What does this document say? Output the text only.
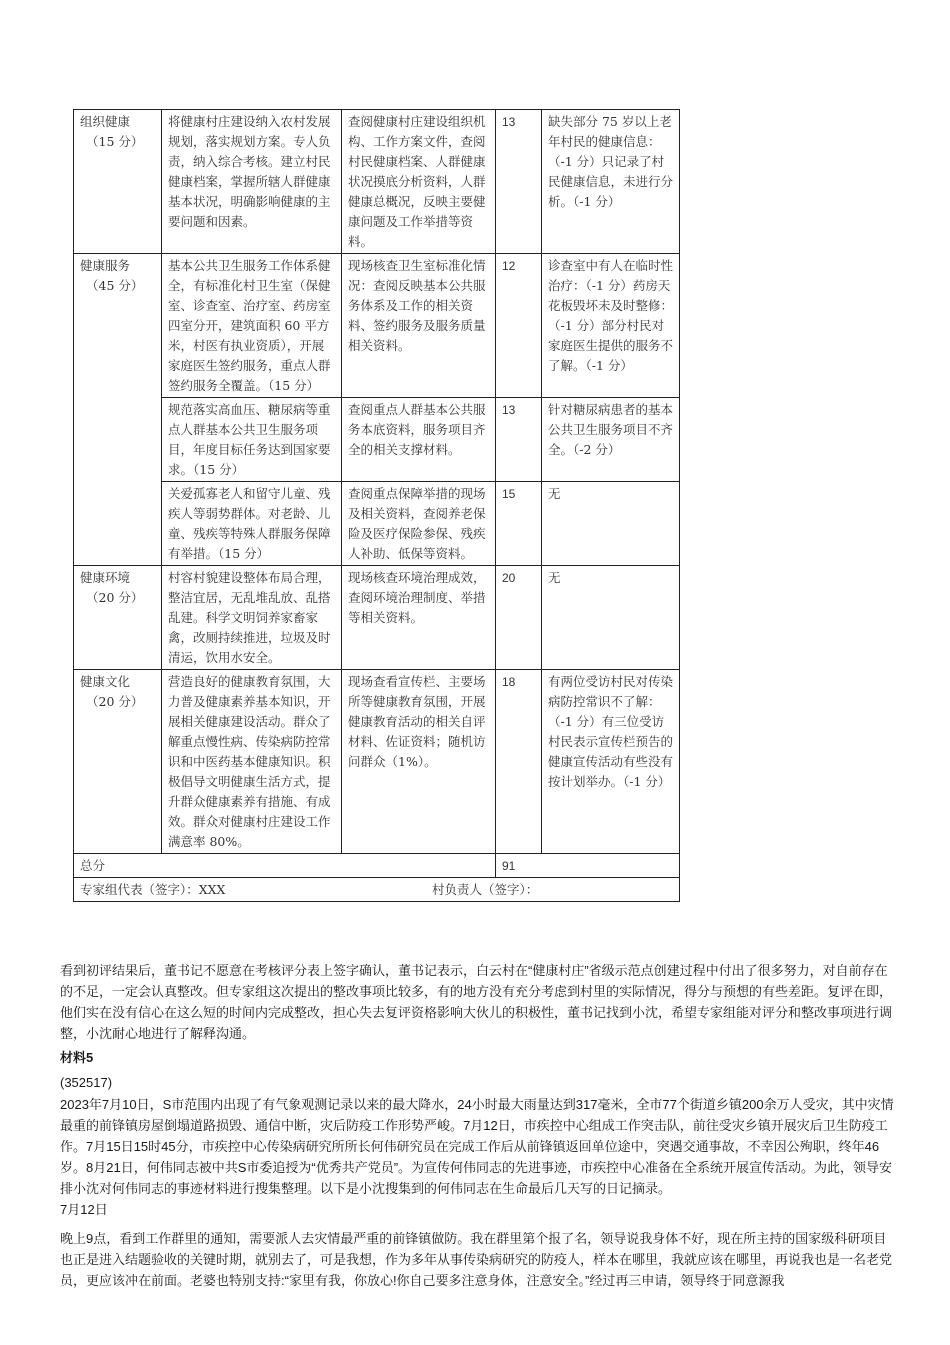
组织健康
（15 分）	将健康村庄建设纳入农村发展规划，落实规划方案。专人负责，纳入综合考核。建立村民健康档案，掌握所辖人群健康基本状况，明确影响健康的主要问题和因素。	查阅健康村庄建设组织机构、工作方案文件，查阅村民健康档案、人群健康状况摸底分析资料，人群健康总概况，反映主要健康问题及工作举措等资料。	13	缺失部分 75 岁以上老年村民的健康信息：（-1 分）只记录了村民健康信息，未进行分析。（-1 分）

健康服务
（45 分）	基本公共卫生服务工作体系健全，有标准化村卫生室（保健室、诊查室、治疗室、药房室四室分开，建筑面积 60 平方米，村医有执业资质），开展家庭医生签约服务，重点人群签约服务全覆盖。（15 分）	现场核查卫生室标准化情况：查阅反映基本公共服务体系及工作的相关资料、签约服务及服务质量相关资料。	12	诊查室中有人在临时性治疗：（-1 分）药房天花板毁坏未及时整修：（-1 分）部分村民对家庭医生提供的服务不了解。（-1 分）
	规范落实高血压、糖尿病等重点人群基本公共卫生服务项目，年度目标任务达到国家要求。（15 分）	查阅重点人群基本公共服务本底资料，服务项目齐全的相关支撑材料。	13	针对糖尿病患者的基本公共卫生服务项目不齐全。（-2 分）
	关爱孤寡老人和留守儿童、残疾人等弱势群体。对老龄、儿童、残疾等特殊人群服务保障有举措。（15 分）	查阅重点保障举措的现场及相关资料，查阅养老保险及医疗保险参保、残疾人补助、低保等资料。	15	无

健康环境
（20 分）	村容村貌建设整体布局合理，整洁宜居，无乱堆乱放、乱搭乱建。科学文明饲养家畜家禽，改厕持续推进，垃圾及时清运，饮用水安全。	现场核查环境治理成效，查阅环境治理制度、举措等相关资料。	20	无

健康文化
（20 分）	营造良好的健康教育氛围，大力普及健康素养基本知识，开展相关健康建设活动。群众了解重点慢性病、传染病防控常识和中医药基本健康知识。积极倡导文明健康生活方式，提升群众健康素养有措施、有成效。群众对健康村庄建设工作满意率 80%。	现场查看宣传栏、主要场所等健康教育氛围，开展健康教育活动的相关自评材料、佐证资料；随机访问群众（1%）。	18	有两位受访村民对传染病防控常识不了解：（-1 分）有三位受访村民表示宣传栏预告的健康宣传活动有些没有按计划举办。（-1 分）
总分			91	

专家组代表（签字）：XXX 村负责人（签字）：				

看到初评结果后，董书记不愿意在考核评分表上签字确认，董书记表示，白云村在“健康村庄”省级示范点创建过程中付出了很多努力，对自前存在的不足，一定会认真整改。但专家组这次提出的整改事项比较多，有的地方没有充分考虑到村里的实际情况，得分与预想的有些差距。复评在即，他们实在没有信心在这么短的时间内完成整改，担心失去复评资格影响大伙儿的积极性，董书记找到小沈，希望专家组能对评分和整改事项进行调整，小沈耐心地进行了解释沟通。

材料5

(352517)

2023年7月10日，S市范围内出现了有气象观测记录以来的最大降水，24小时最大雨量达到317毫米，全市77个街道乡镇200余万人受灾，其中灾情最重的前锋镇房屋倒塌道路损毁、通信中断，灾后防疫工作形势严峻。7月12日，市疾控中心组成工作突击队，前往受灾乡镇开展灾后卫生防疫工作。7月15日15时45分，市疾控中心传染病研究所所长何伟研究员在完成工作后从前锋镇返回单位途中，突遇交通事故，不幸因公殉职，终年46岁。8月21日，何伟同志被中共S市委追授为“优秀共产党员”。为宣传何伟同志的先进事迹，市疾控中心准备在全系统开展宣传活动。为此，领导安排小沈对何伟同志的事迹材料进行搜集整理。以下是小沈搜集到的何伟同志在生命最后几天写的日记摘录。

7月12日

晚上9点，看到工作群里的通知，需要派人去灾情最严重的前锋镇做防。我在群里第个报了名，领导说我身体不好，现在所主持的国家级科研项目也正是进入结题验收的关键时期，就别去了，可是我想，作为多年从事传染病研究的防疫人，样本在哪里，我就应该在哪里，再说我也是一名老党员，更应该冲在前面。老婆也特别支持:“家里有我，你放心!你自己要多注意身体，注意安全。”经过再三申请，领导终于同意源我
